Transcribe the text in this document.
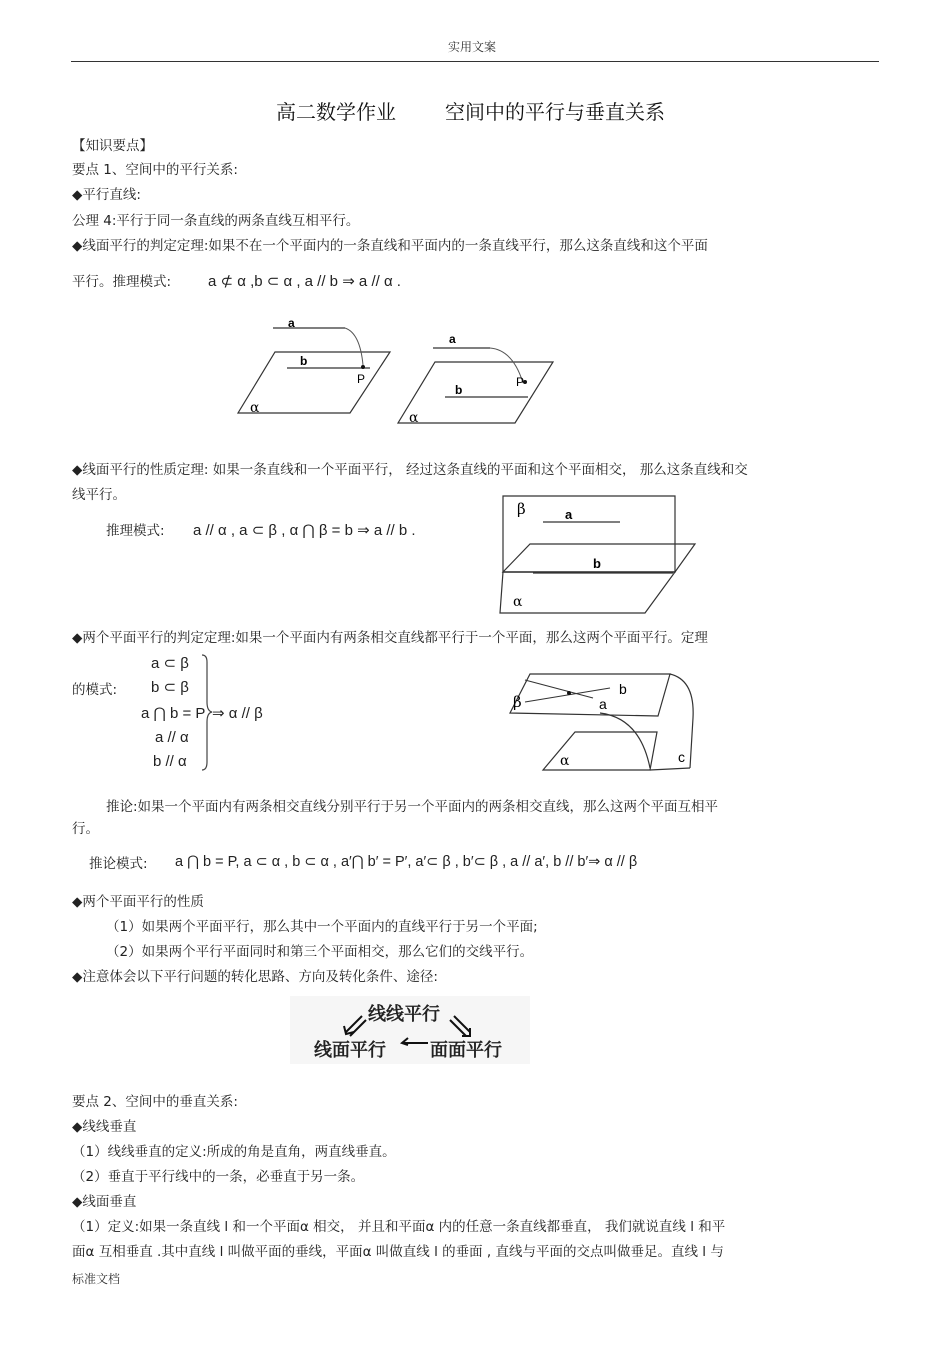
实用文案
高二数学作业 空间中的平行与垂直关系
【知识要点】
要点 1、空间中的平行关系:
◆平行直线:
公理 4:平行于同一条直线的两条直线互相平行。
◆线面平行的判定定理:如果不在一个平面内的一条直线和平面内的一条直线平行，那么这条直线和这个平面
平行。推理模式: a ⊄ α ,b ⊂ α , a // b ⇒ a // α .
a
b
P
α
a
b
P
α
◆线面平行的性质定理: 如果一条直线和一个平面平行， 经过这条直线的平面和这个平面相交， 那么这条直线和交
线平行。
推理模式: a // α , a ⊂ β , α ⋂ β = b ⇒ a // b .
β	a
b
α
◆两个平面平行的判定定理:如果一个平面内有两条相交直线都平行于一个平面，那么这两个平面平行。定理
的模式:
a ⊂ β
b ⊂ β
a ⋂ b = P
a // α
b // α
⇒ α // β
β
b
a
α	c
推论:如果一个平面内有两条相交直线分别平行于另一个平面内的两条相交直线，那么这两个平面互相平
行。
推论模式: a ⋂ b = P, a ⊂ α , b ⊂ α , a′⋂ b′ = P′, a′⊂ β , b′⊂ β , a // a′, b // b′⇒ α // β
◆两个平面平行的性质
（1）如果两个平面平行，那么其中一个平面内的直线平行于另一个平面;
（2）如果两个平行平面同时和第三个平面相交，那么它们的交线平行。
◆注意体会以下平行问题的转化思路、方向及转化条件、途径:
线线平行
线面平行 面面平行
要点 2、空间中的垂直关系:
◆线线垂直
（1）线线垂直的定义:所成的角是直角，两直线垂直。
（2）垂直于平行线中的一条，必垂直于另一条。
◆线面垂直
（1）定义:如果一条直线 l 和一个平面α 相交， 并且和平面α 内的任意一条直线都垂直， 我们就说直线 l 和平
面α 互相垂直 .其中直线 l 叫做平面的垂线，平面α 叫做直线 l 的垂面 , 直线与平面的交点叫做垂足。直线 l 与
标准文档
